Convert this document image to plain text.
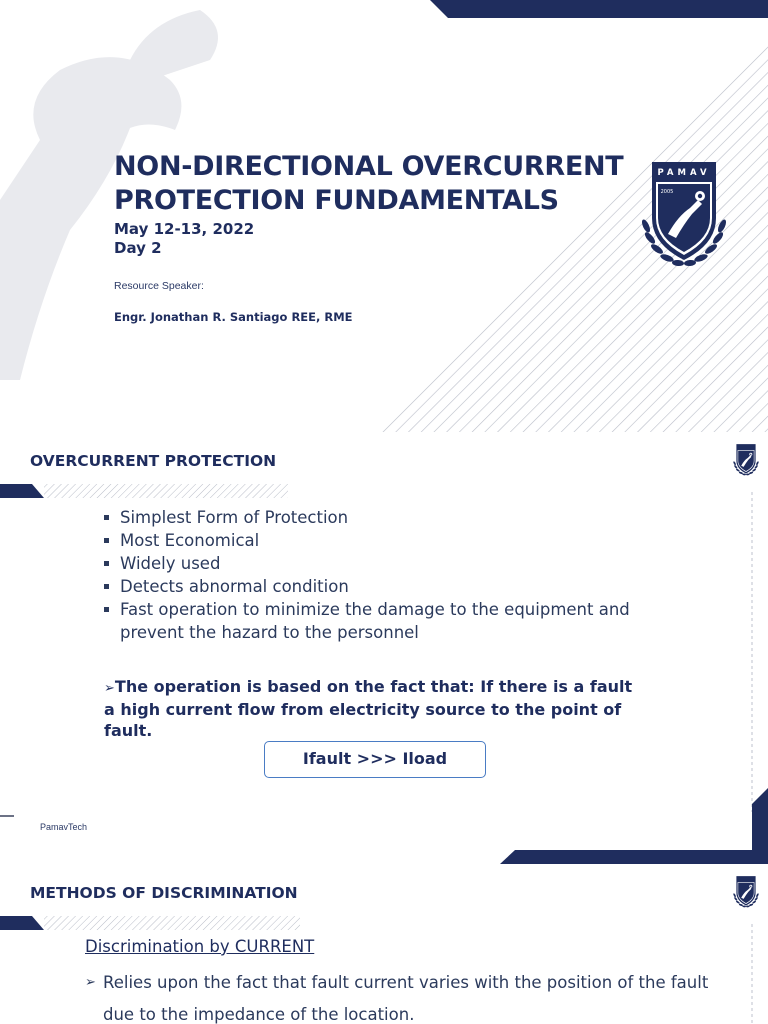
NON-DIRECTIONAL OVERCURRENT PROTECTION FUNDAMENTALS
May 12-13, 2022
Day 2
Resource Speaker:
Engr. Jonathan R. Santiago REE, RME
PAMAV
2005
OVERCURRENT PROTECTION
Simplest Form of Protection
Most Economical
Widely used
Detects abnormal condition
Fast operation to minimize the damage to the equipment and prevent the hazard to the personnel
➢The operation is based on the fact that: If there is a fault a high current flow from electricity source to the point of fault.
Ifault >>> Iload
PamavTech
METHODS OF DISCRIMINATION
Discrimination by CURRENT
➢ Relies upon the fact that fault current varies with the position of the fault due to the impedance of the location.
